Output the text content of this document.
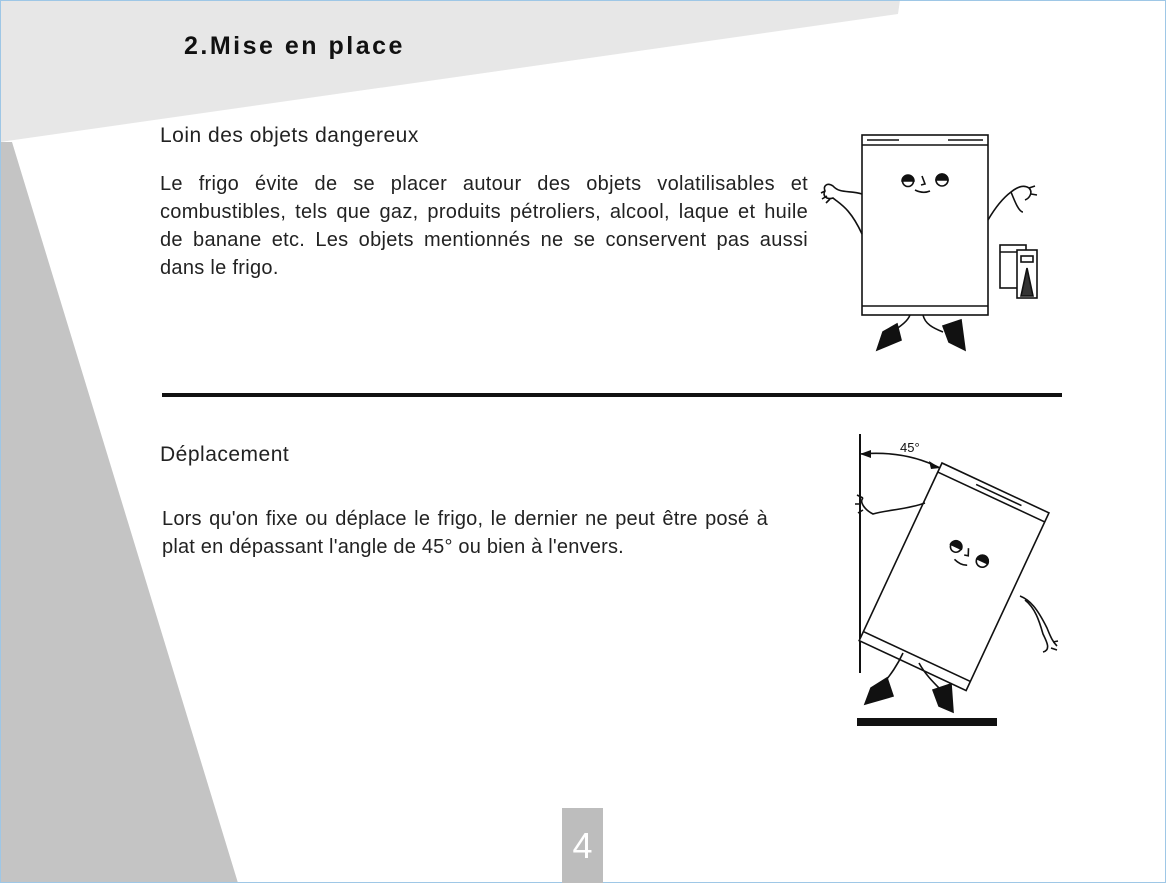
2.Mise en place
Loin des objets dangereux

Le frigo évite de se placer autour des objets volatilisables et combustibles, tels que gaz, produits pétroliers, alcool, laque et huile de banane etc. Les objets mentionnés ne se conservent pas aussi dans le frigo.

Déplacement

Lors qu'on fixe ou déplace le frigo, le dernier ne peut être posé à plat en dépassant l'angle de 45° ou bien à l'envers.

45°
4
